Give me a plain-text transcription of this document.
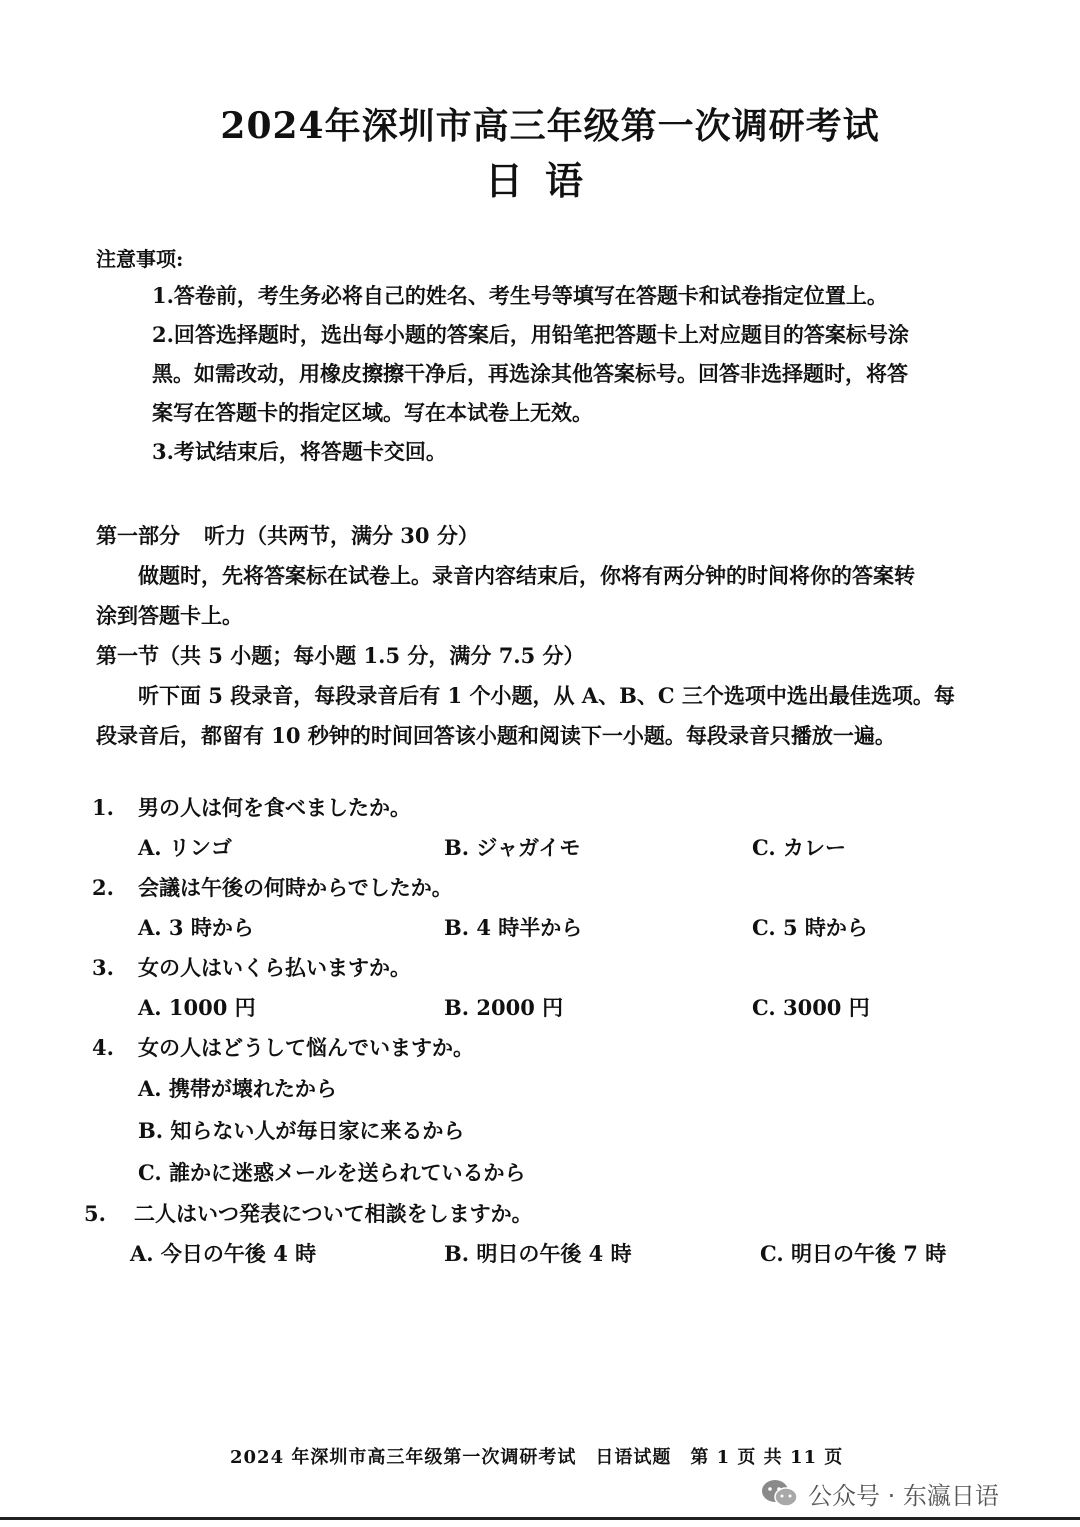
2024年深圳市高三年级第一次调研考试
日语
注意事项:

1.答卷前，考生务必将自己的姓名、考生号等填写在答题卡和试卷指定位置上。

2.回答选择题时，选出每小题的答案后，用铅笔把答题卡上对应题目的答案标号涂

黑。如需改动，用橡皮擦擦干净后，再选涂其他答案标号。回答非选择题时，将答

案写在答题卡的指定区域。写在本试卷上无效。

3.考试结束后，将答题卡交回。

第一部分 听力（共两节，满分 30 分）

做题时，先将答案标在试卷上。录音内容结束后，你将有两分钟的时间将你的答案转

涂到答题卡上。

第一节（共 5 小题；每小题 1.5 分，满分 7.5 分）

听下面 5 段录音，每段录音后有 1 个小题，从 A、B、C 三个选项中选出最佳选项。每

段录音后，都留有 10 秒钟的时间回答该小题和阅读下一小题。每段录音只播放一遍。

1.	男の人は何を食べましたか。
A. リンゴ	B. ジャガイモ	C. カレー
2.	会議は午後の何時からでしたか。
A. 3 時から	B. 4 時半から	C. 5 時から
3.	女の人はいくら払いますか。
A. 1000 円	B. 2000 円	C. 3000 円
4.	女の人はどうして悩んでいますか。
A. 携帯が壊れたから
B. 知らない人が毎日家に来るから
C. 誰かに迷惑メールを送られているから
5.	二人はいつ発表について相談をしますか。
A. 今日の午後 4 時	B. 明日の午後 4 時	C. 明日の午後 7 時
2024 年深圳市高三年级第一次调研考试　日语试题　第 1 页 共 11 页
公众号 · 东瀛日语
